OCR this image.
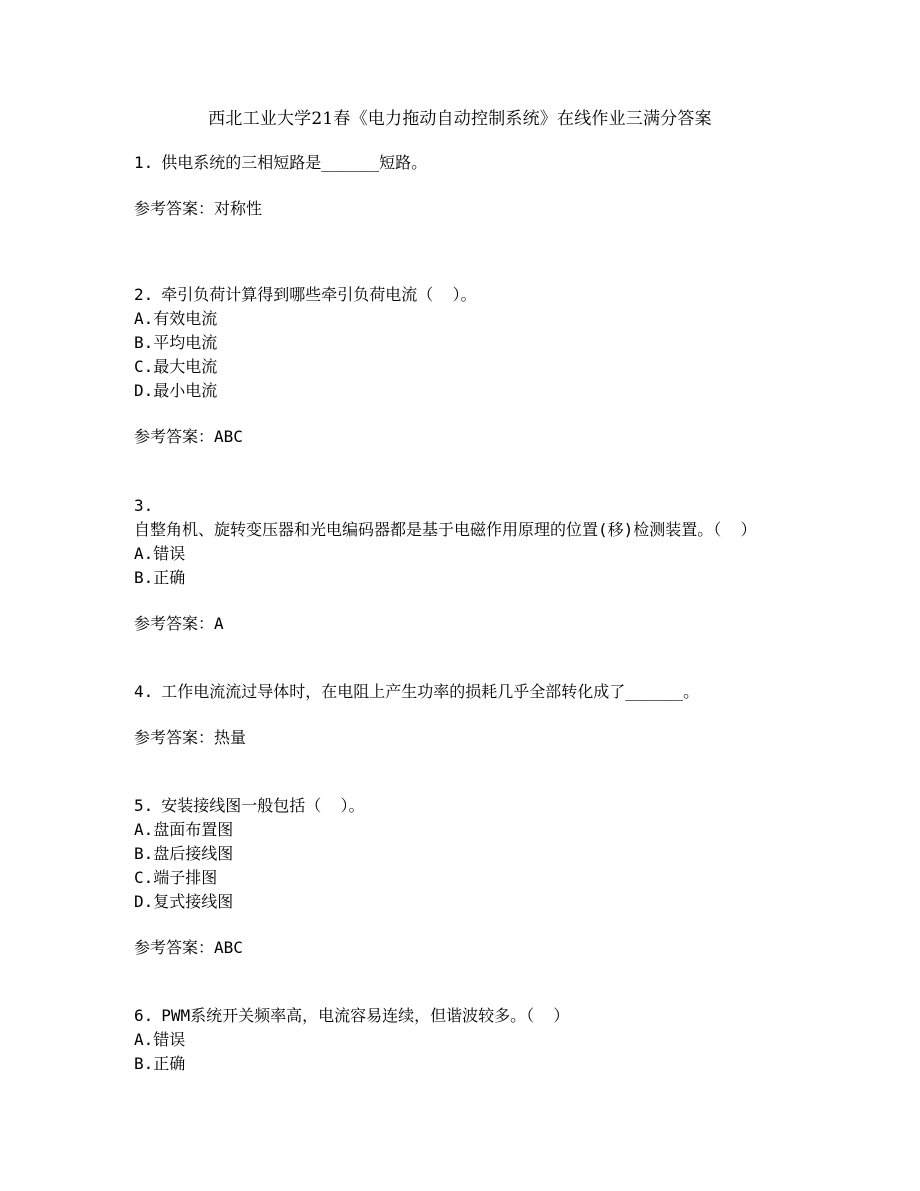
西北工业大学21春《电力拖动自动控制系统》在线作业三满分答案
1. 供电系统的三相短路是______短路。
参考答案：对称性
2. 牵引负荷计算得到哪些牵引负荷电流（  ）。
A.有效电流
B.平均电流
C.最大电流
D.最小电流
参考答案：ABC
3.
自整角机、旋转变压器和光电编码器都是基于电磁作用原理的位置(移)检测装置。（  ）
A.错误
B.正确
参考答案：A
4. 工作电流流过导体时，在电阻上产生功率的损耗几乎全部转化成了______。
参考答案：热量
5. 安装接线图一般包括（  ）。
A.盘面布置图
B.盘后接线图
C.端子排图
D.复式接线图
参考答案：ABC
6. PWM系统开关频率高，电流容易连续，但谐波较多。（  ）
A.错误
B.正确
